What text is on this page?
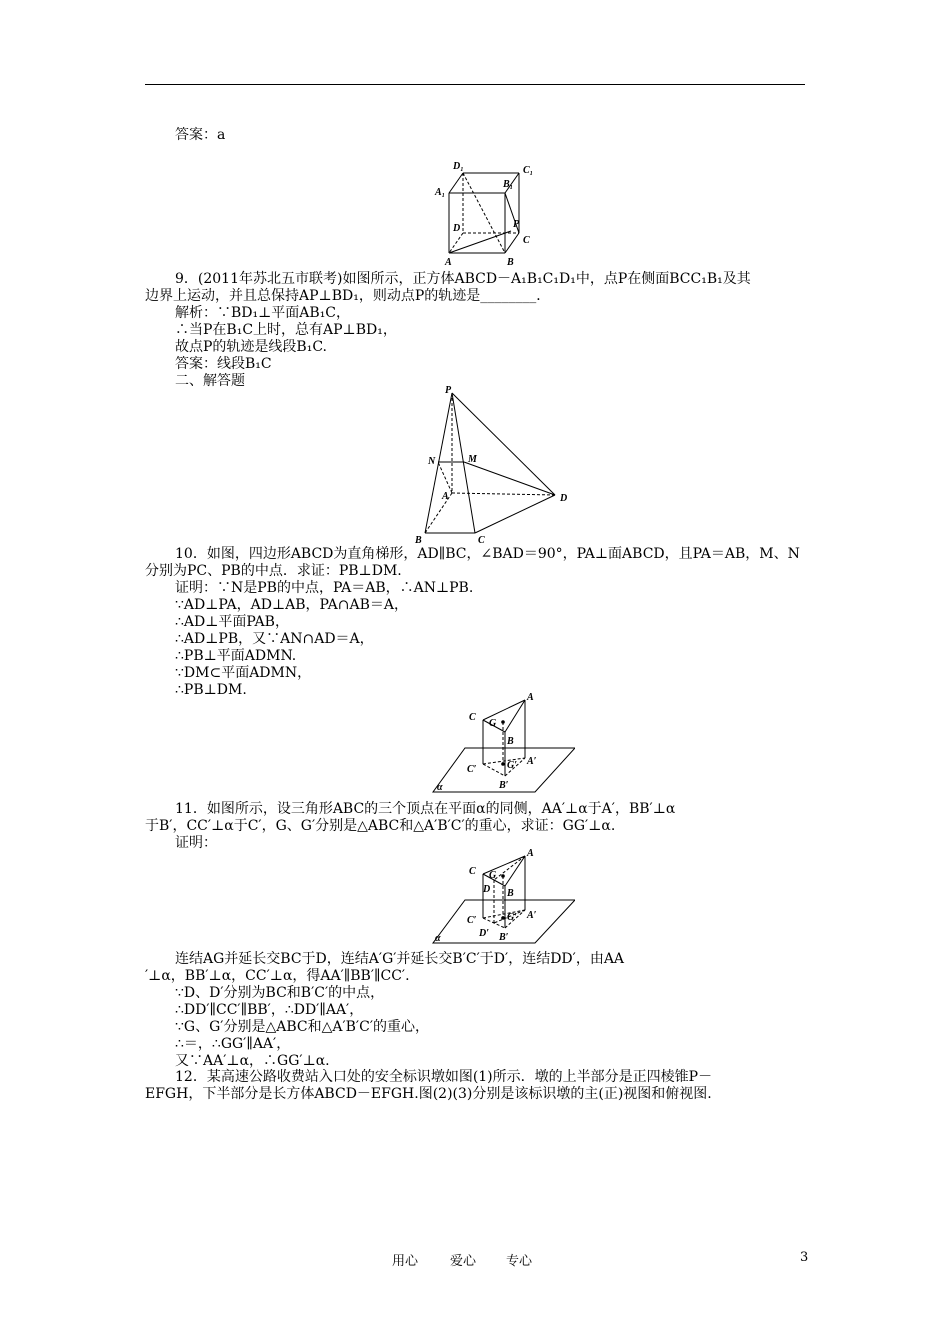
答案：a
D₁	C₁
B₁
A₁
D	P
C
A	B
9．(2011年苏北五市联考)如图所示，正方体ABCD－A₁B₁C₁D₁中，点P在侧面BCC₁B₁及其
边界上运动，并且总保持AP⊥BD₁，则动点P的轨迹是________．
解析：∵BD₁⊥平面AB₁C，
∴当P在B₁C上时，总有AP⊥BD₁，
故点P的轨迹是线段B₁C.
答案：线段B₁C
二、解答题
P
N	M
A	D
B	C
10．如图，四边形ABCD为直角梯形，AD∥BC，∠BAD＝90°，PA⊥面ABCD，且PA＝AB，M、N
分别为PC、PB的中点．求证：PB⊥DM.
证明：∵N是PB的中点，PA＝AB，∴AN⊥PB.
∵AD⊥PA，AD⊥AB，PA∩AB＝A，
∴AD⊥平面PAB，
∴AD⊥PB，又∵AN∩AD＝A，
∴PB⊥平面ADMN.
∵DM⊂平面ADMN，
∴PB⊥DM.	A
C
G
B
C′	G′ A′
B′
α
11．如图所示，设三角形ABC的三个顶点在平面α的同侧，AA′⊥α于A′，BB′⊥α
于B′，CC′⊥α于C′，G、G′分别是△ABC和△A′B′C′的重心，求证：GG′⊥α.
证明：
A
C G
D B
C′	G′ A′
D′ B′
α
连结AG并延长交BC于D，连结A′G′并延长交B′C′于D′，连结DD′，由AA
′⊥α，BB′⊥α，CC′⊥α，得AA′∥BB′∥CC′.
∵D、D′分别为BC和B′C′的中点，
∴DD′∥CC′∥BB′，∴DD′∥AA′，
∵G、G′分别是△ABC和△A′B′C′的重心，
∴＝，∴GG′∥AA′，
又∵AA′⊥α，∴GG′⊥α.
12．某高速公路收费站入口处的安全标识墩如图(1)所示．墩的上半部分是正四棱锥P－
EFGH，下半部分是长方体ABCD－EFGH.图(2)(3)分别是该标识墩的主(正)视图和俯视图.
用心 爱心 专心	3
